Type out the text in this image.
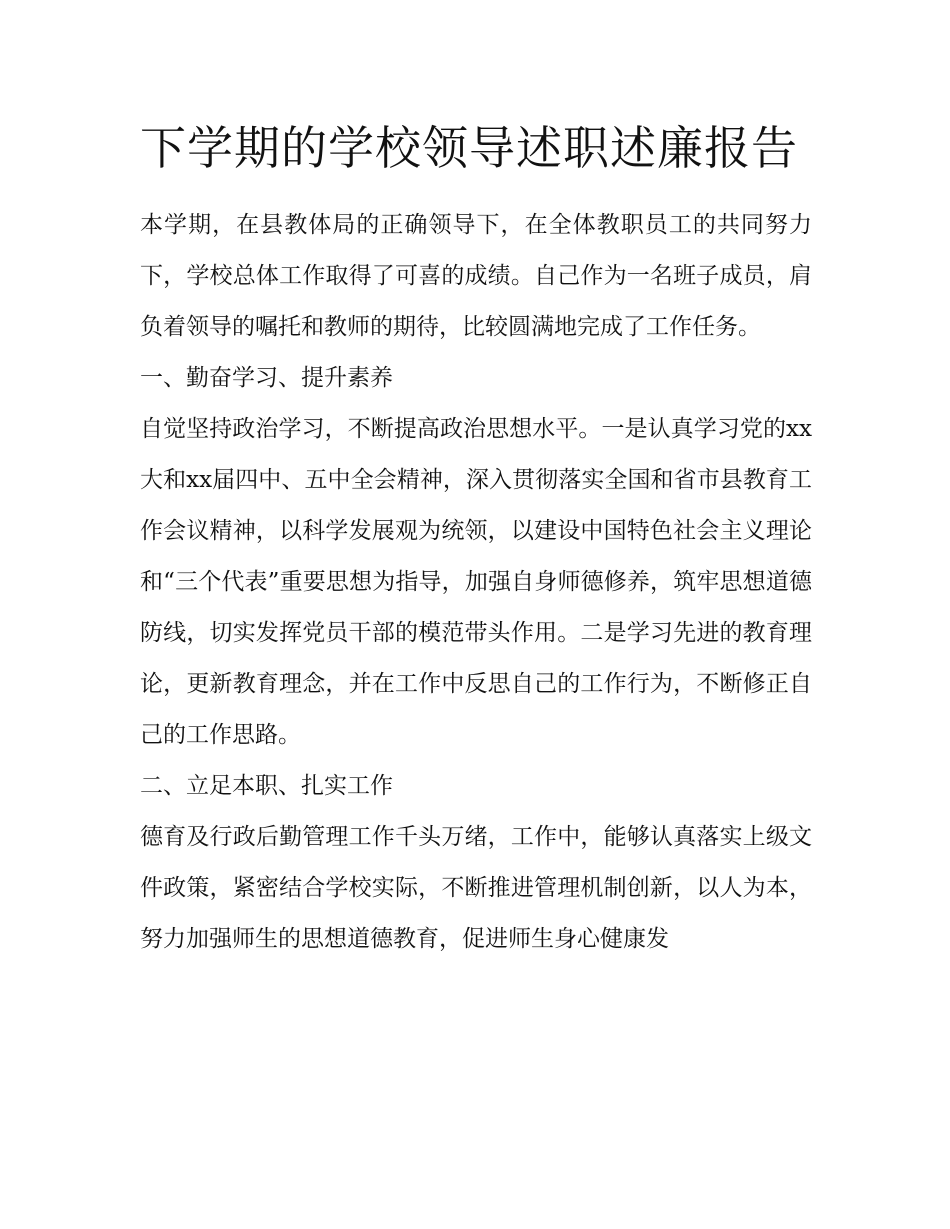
下学期的学校领导述职述廉报告

本学期，在县教体局的正确领导下，在全体教职员工的共同努力下，学校总体工作取得了可喜的成绩。自己作为一名班子成员，肩负着领导的嘱托和教师的期待，比较圆满地完成了工作任务。

一、勤奋学习、提升素养

自觉坚持政治学习，不断提高政治思想水平。一是认真学习党的xx大和xx届四中、五中全会精神，深入贯彻落实全国和省市县教育工作会议精神，以科学发展观为统领，以建设中国特色社会主义理论和“三个代表”重要思想为指导，加强自身师德修养，筑牢思想道德防线，切实发挥党员干部的模范带头作用。二是学习先进的教育理论，更新教育理念，并在工作中反思自己的工作行为，不断修正自己的工作思路。

二、立足本职、扎实工作

德育及行政后勤管理工作千头万绪，工作中，能够认真落实上级文件政策，紧密结合学校实际，不断推进管理机制创新，以人为本，努力加强师生的思想道德教育，促进师生身心健康发
